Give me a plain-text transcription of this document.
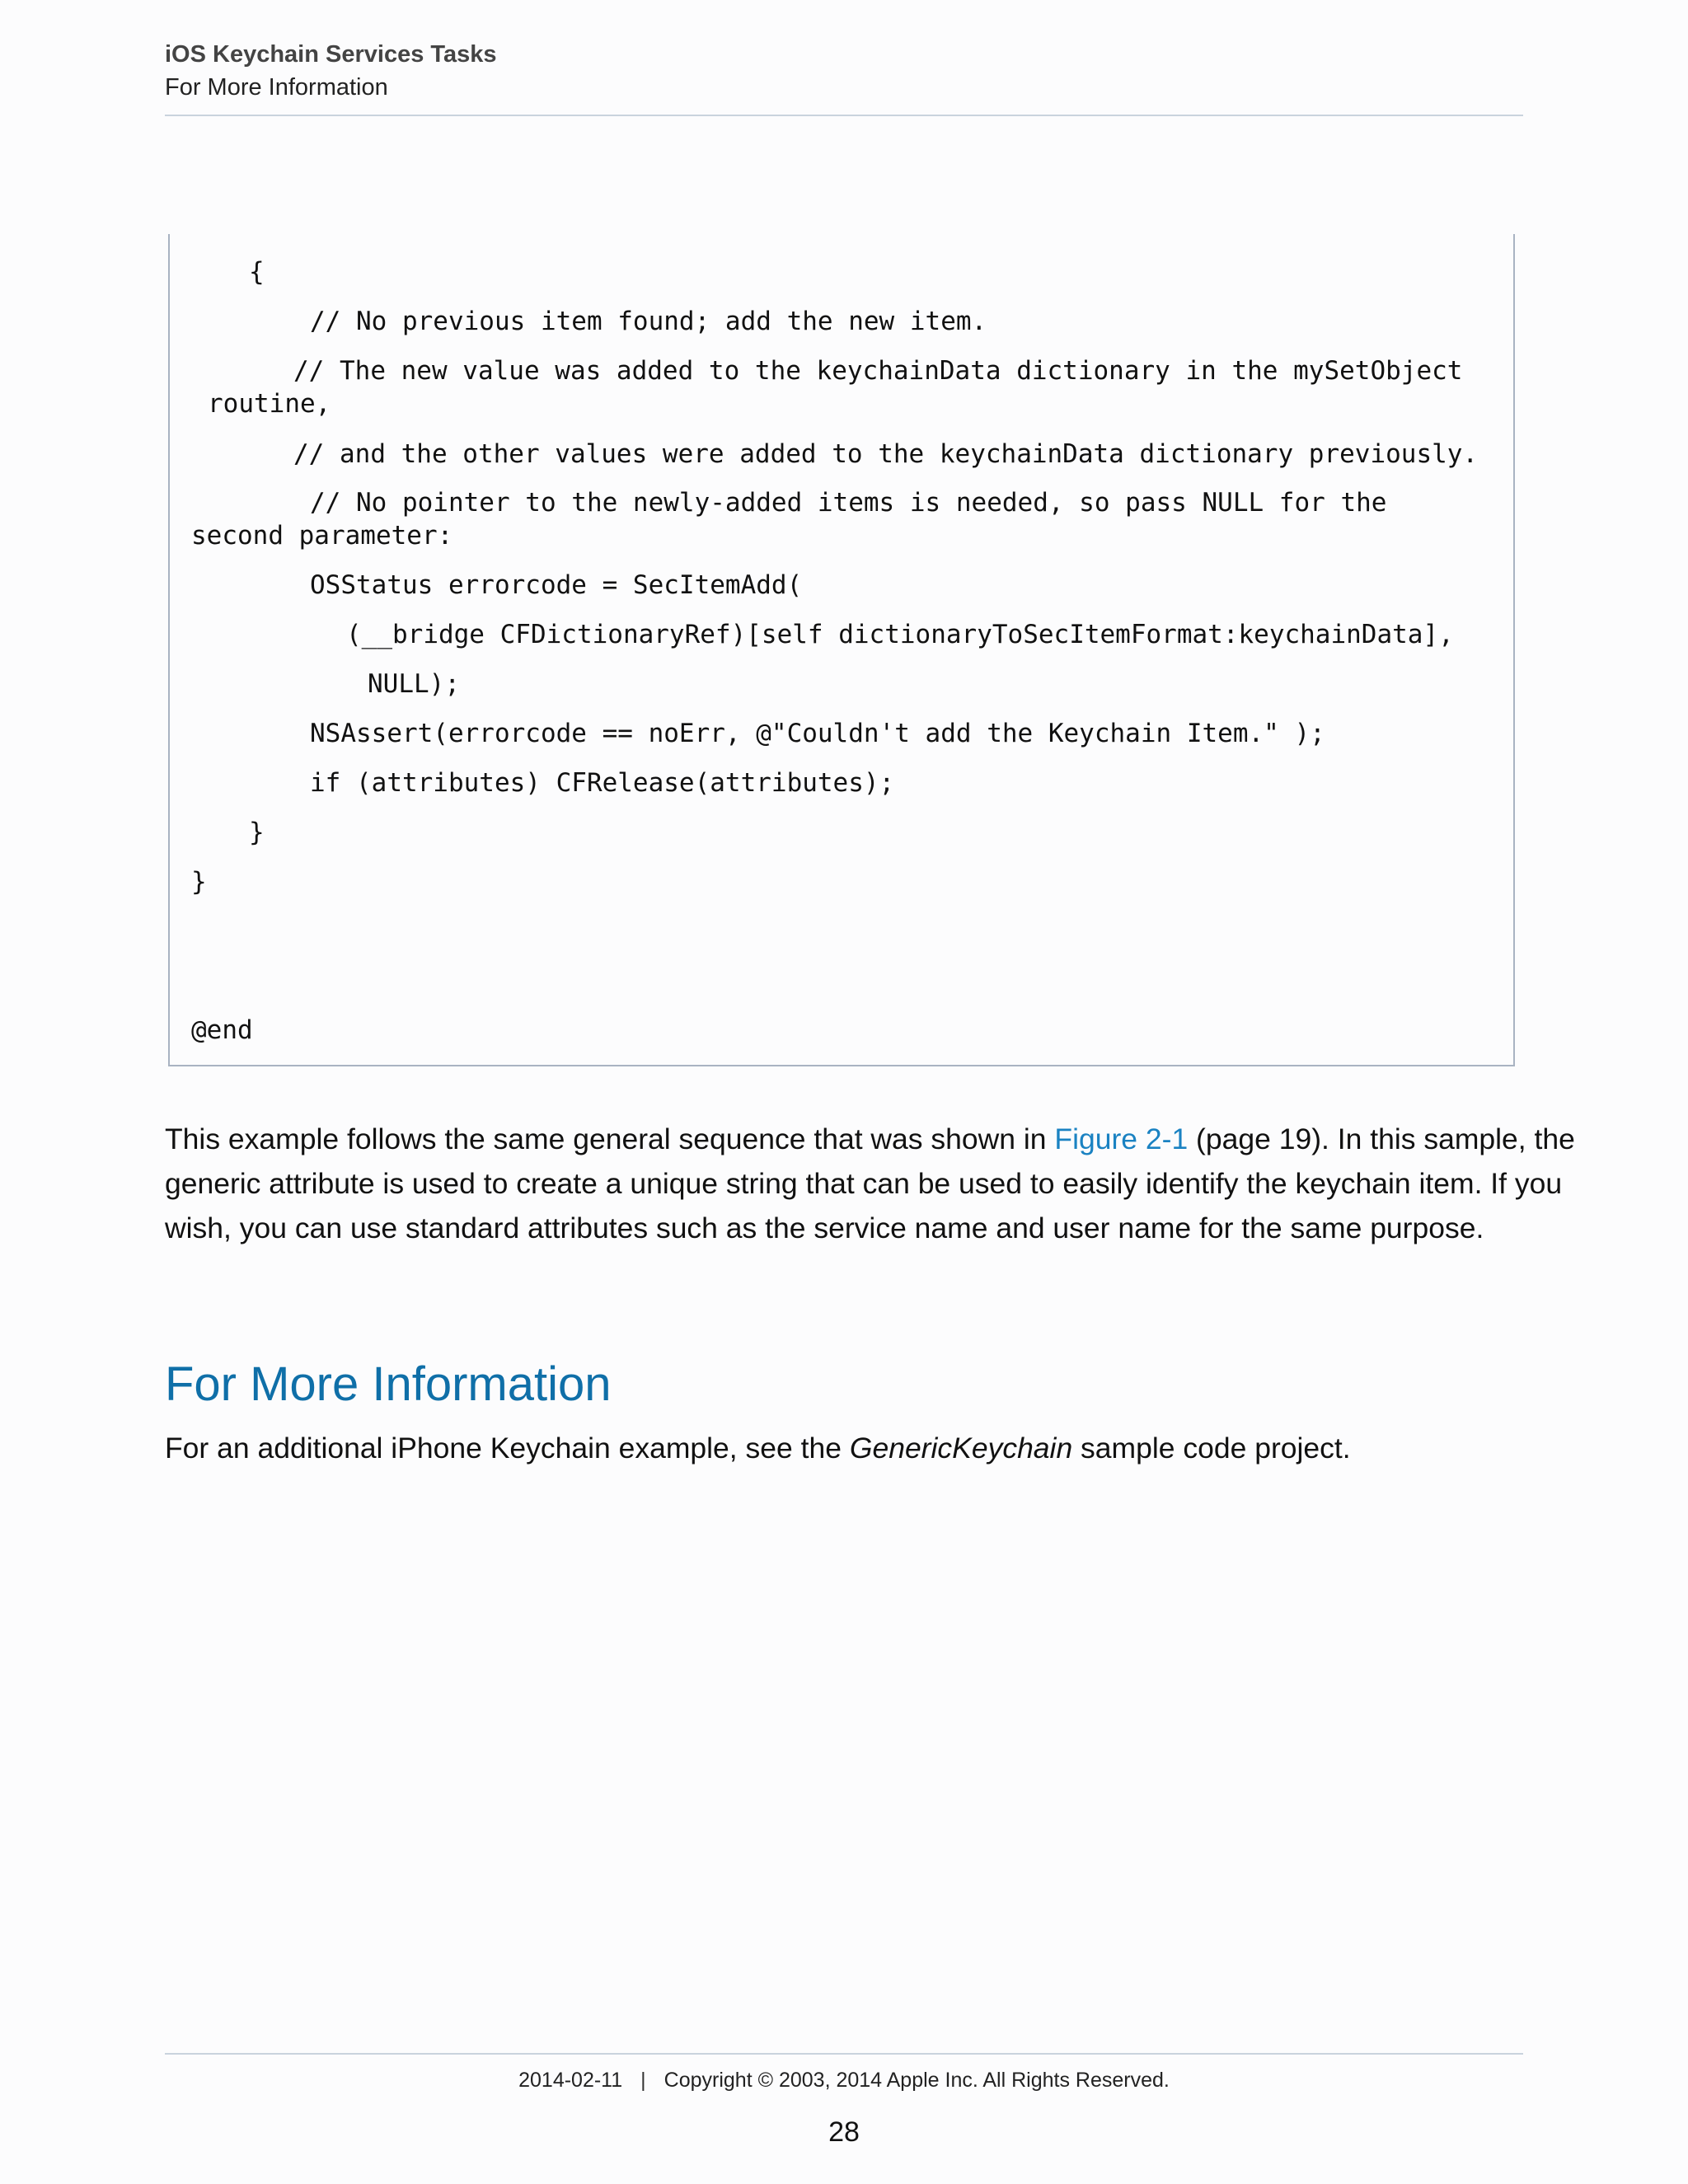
iOS Keychain Services Tasks
For More Information
{
// No previous item found; add the new item.
// The new value was added to the keychainData dictionary in the mySetObject
routine,
// and the other values were added to the keychainData dictionary previously.
// No pointer to the newly-added items is needed, so pass NULL for the
second parameter:
OSStatus errorcode = SecItemAdd(
(__bridge CFDictionaryRef)[self dictionaryToSecItemFormat:keychainData],
NULL);
NSAssert(errorcode == noErr, @"Couldn't add the Keychain Item." );
if (attributes) CFRelease(attributes);
}
}
@end
This example follows the same general sequence that was shown in Figure 2-1 (page 19). In this sample, the
generic attribute is used to create a unique string that can be used to easily identify the keychain item. If you
wish, you can use standard attributes such as the service name and user name for the same purpose.
For More Information
For an additional iPhone Keychain example, see the GenericKeychain sample code project.
2014-02-11 | Copyright © 2003, 2014 Apple Inc. All Rights Reserved.
28
